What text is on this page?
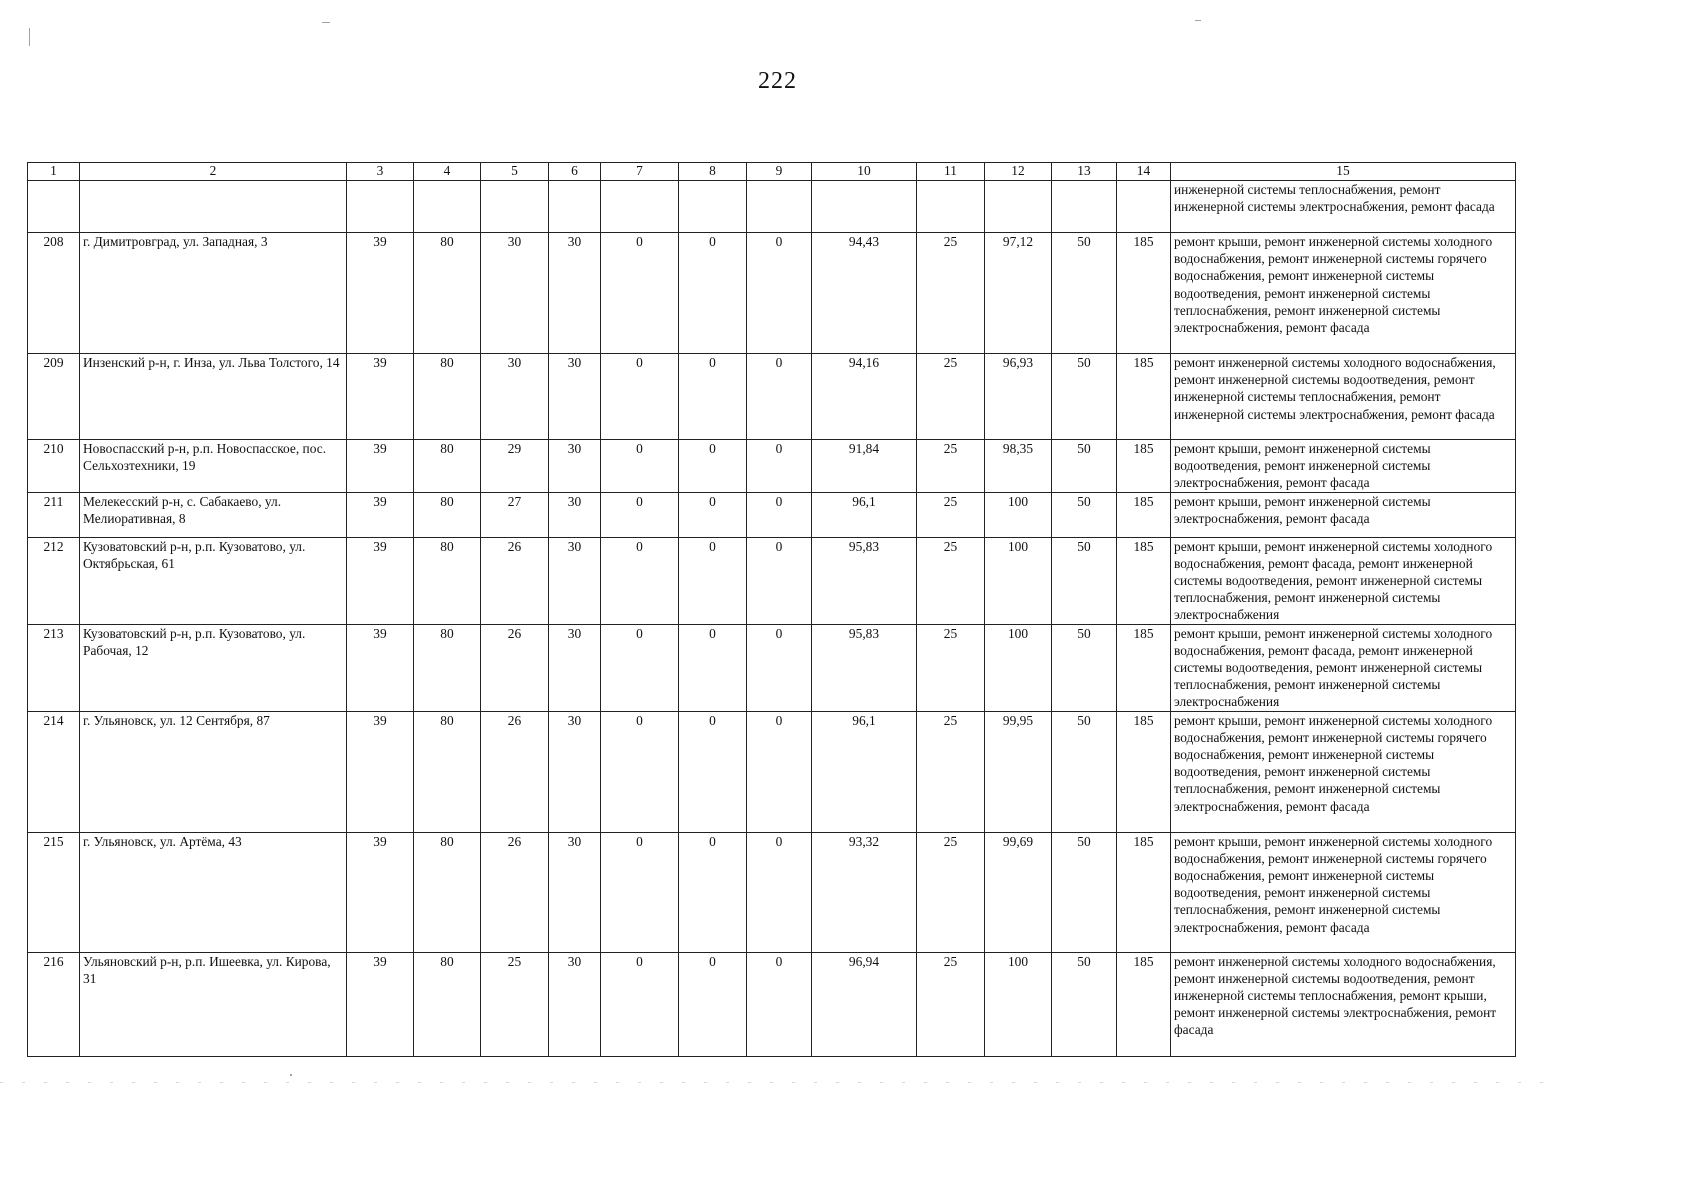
222
1	2	3	4	5	6	7	8	9	10	11	12	13	14	15
														инженерной системы теплоснабжения, ремонт инженерной системы электроснабжения, ремонт фасада
208	г. Димитровград, ул. Западная, 3	39	80	30	30	0	0	0	94,43	25	97,12	50	185	ремонт крыши, ремонт инженерной системы холодного водоснабжения, ремонт инженерной системы горячего водоснабжения, ремонт инженерной системы водоотведения, ремонт инженерной системы теплоснабжения, ремонт инженерной системы электроснабжения, ремонт фасада
209	Инзенский р-н, г. Инза, ул. Льва Толстого, 14	39	80	30	30	0	0	0	94,16	25	96,93	50	185	ремонт инженерной системы холодного водоснабжения, ремонт инженерной системы водоотведения, ремонт инженерной системы теплоснабжения, ремонт инженерной системы электроснабжения, ремонт фасада
210	Новоспасский р-н, р.п. Новоспасское, пос. Сельхозтехники, 19	39	80	29	30	0	0	0	91,84	25	98,35	50	185	ремонт крыши, ремонт инженерной системы водоотведения, ремонт инженерной системы электроснабжения, ремонт фасада
211	Мелекесский р-н, с. Сабакаево, ул. Мелиоративная, 8	39	80	27	30	0	0	0	96,1	25	100	50	185	ремонт крыши, ремонт инженерной системы электроснабжения, ремонт фасада
212	Кузоватовский р-н, р.п. Кузоватово, ул. Октябрьская, 61	39	80	26	30	0	0	0	95,83	25	100	50	185	ремонт крыши, ремонт инженерной системы холодного водоснабжения, ремонт фасада, ремонт инженерной системы водоотведения, ремонт инженерной системы теплоснабжения, ремонт инженерной системы электроснабжения
213	Кузоватовский р-н, р.п. Кузоватово, ул. Рабочая, 12	39	80	26	30	0	0	0	95,83	25	100	50	185	ремонт крыши, ремонт инженерной системы холодного водоснабжения, ремонт фасада, ремонт инженерной системы водоотведения, ремонт инженерной системы теплоснабжения, ремонт инженерной системы электроснабжения
214	г. Ульяновск, ул. 12 Сентября, 87	39	80	26	30	0	0	0	96,1	25	99,95	50	185	ремонт крыши, ремонт инженерной системы холодного водоснабжения, ремонт инженерной системы горячего водоснабжения, ремонт инженерной системы водоотведения, ремонт инженерной системы теплоснабжения, ремонт инженерной системы электроснабжения, ремонт фасада
215	г. Ульяновск, ул. Артёма, 43	39	80	26	30	0	0	0	93,32	25	99,69	50	185	ремонт крыши, ремонт инженерной системы холодного водоснабжения, ремонт инженерной системы горячего водоснабжения, ремонт инженерной системы водоотведения, ремонт инженерной системы теплоснабжения, ремонт инженерной системы электроснабжения, ремонт фасада
216	Ульяновский р-н, р.п. Ишеевка, ул. Кирова, 31	39	80	25	30	0	0	0	96,94	25	100	50	185	ремонт инженерной системы холодного водоснабжения, ремонт инженерной системы водоотведения, ремонт инженерной системы теплоснабжения, ремонт крыши, ремонт инженерной системы электроснабжения, ремонт фасада
